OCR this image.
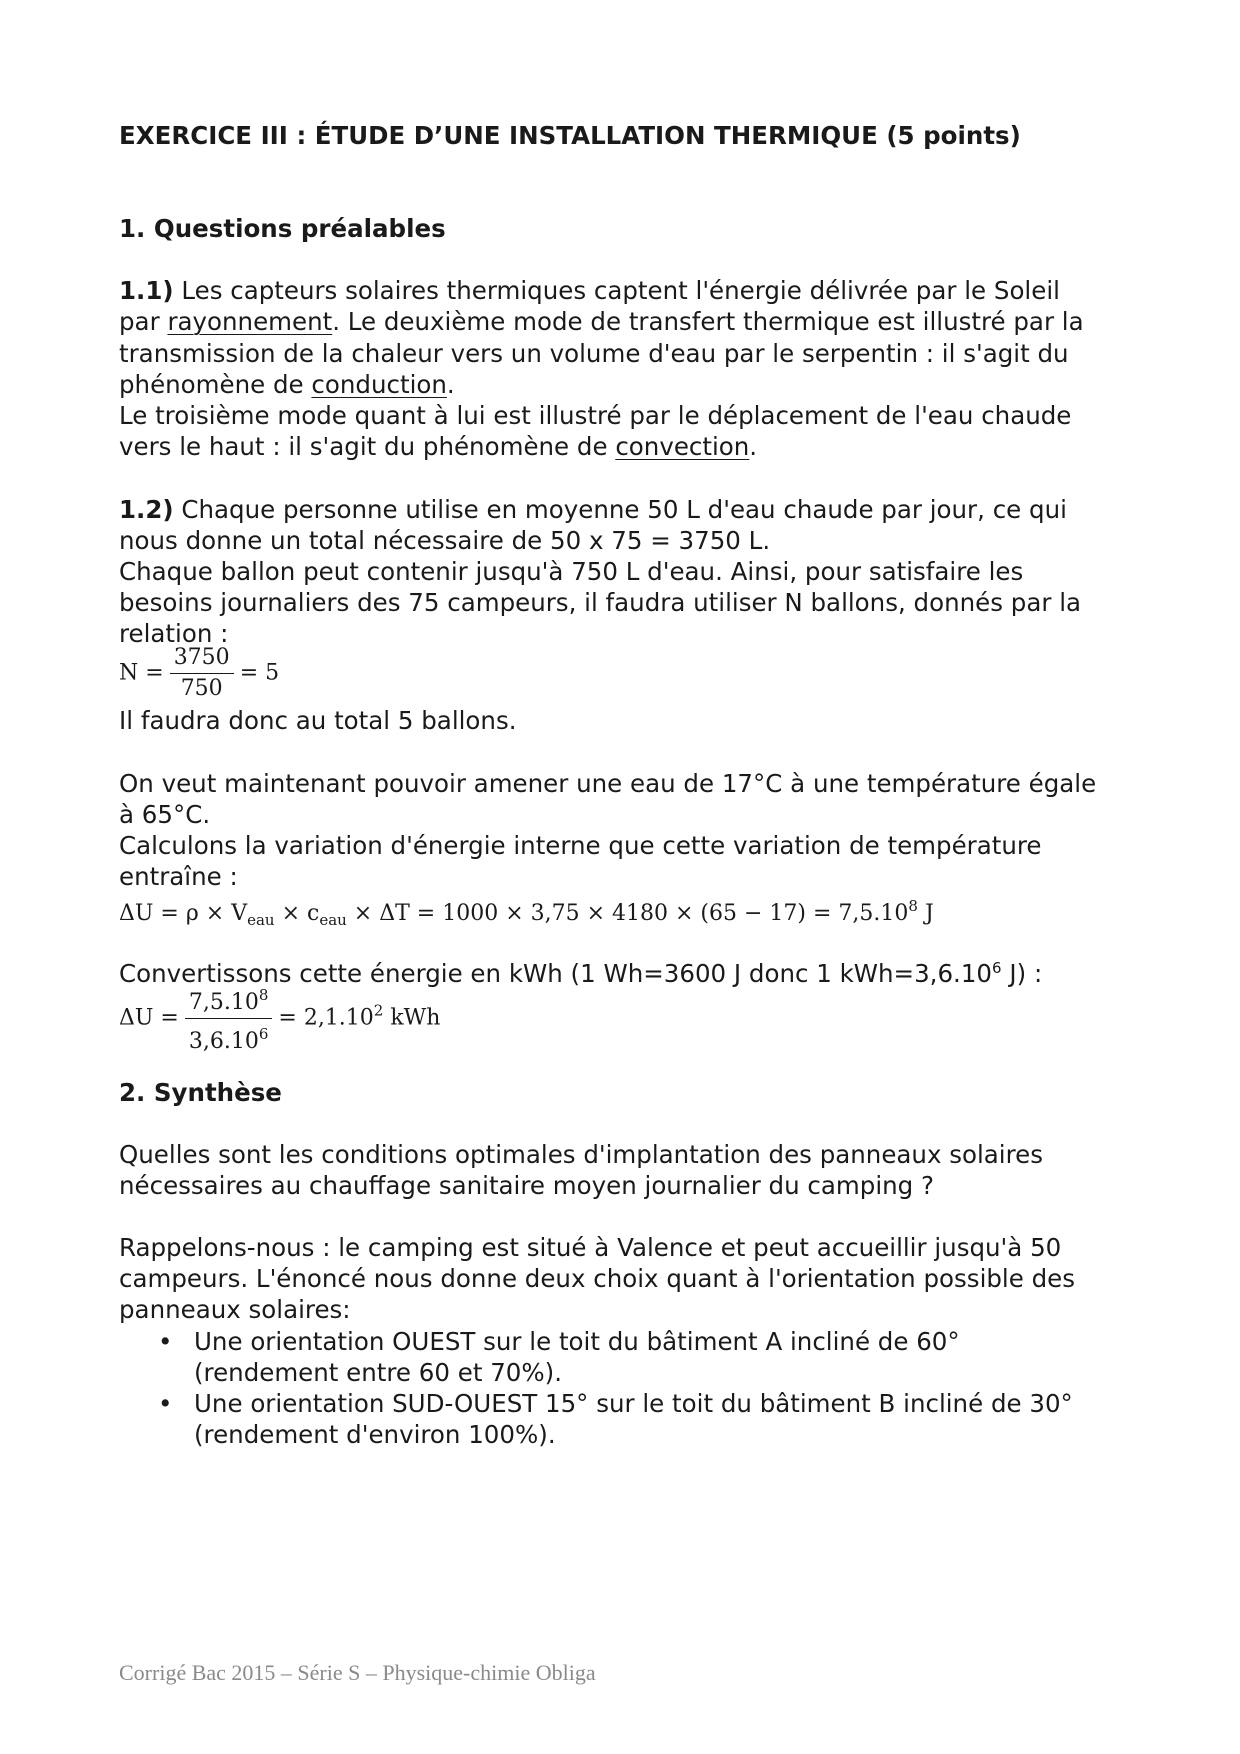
EXERCICE III : ÉTUDE D’UNE INSTALLATION THERMIQUE (5 points)
1. Questions préalables
1.1) Les capteurs solaires thermiques captent l'énergie délivrée par le Soleil
par rayonnement. Le deuxième mode de transfert thermique est illustré par la
transmission de la chaleur vers un volume d'eau par le serpentin : il s'agit du
phénomène de conduction.
Le troisième mode quant à lui est illustré par le déplacement de l'eau chaude
vers le haut : il s'agit du phénomène de convection.
1.2) Chaque personne utilise en moyenne 50 L d'eau chaude par jour, ce qui
nous donne un total nécessaire de 50 x 75 = 3750 L.
Chaque ballon peut contenir jusqu'à 750 L d'eau. Ainsi, pour satisfaire les
besoins journaliers des 75 campeurs, il faudra utiliser N ballons, donnés par la
relation :
$N = \frac{3750}{750} = 5$
Il faudra donc au total 5 ballons.
On veut maintenant pouvoir amener une eau de 17°C à une température égale
à 65°C.
Calculons la variation d'énergie interne que cette variation de température
entraîne :
$\Delta U = \rho \times V_{eau} \times c_{eau} \times \Delta T = 1000 \times 3,75 \times 4180 \times (65 - 17) = 7,5.10^8$ J
Convertissons cette énergie en kWh (1 Wh=3600 J donc 1 $kWh=3,6.10^6$ J) :
$\Delta U = \frac{7,5.10^8}{3,6.10^6} = 2,1.10^2$ kWh
2. Synthèse
Quelles sont les conditions optimales d'implantation des panneaux solaires
nécessaires au chauffage sanitaire moyen journalier du camping ?
Rappelons-nous : le camping est situé à Valence et peut accueillir jusqu'à 50
campeurs. L'énoncé nous donne deux choix quant à l'orientation possible des
panneaux solaires:
• Une orientation OUEST sur le toit du bâtiment A incliné de 60°
(rendement entre 60 et 70%).
• Une orientation SUD-OUEST 15° sur le toit du bâtiment B incliné de 30°
(rendement d'environ 100%).
Corrigé Bac 2015 – Série S – Physique-chimie Obliga
